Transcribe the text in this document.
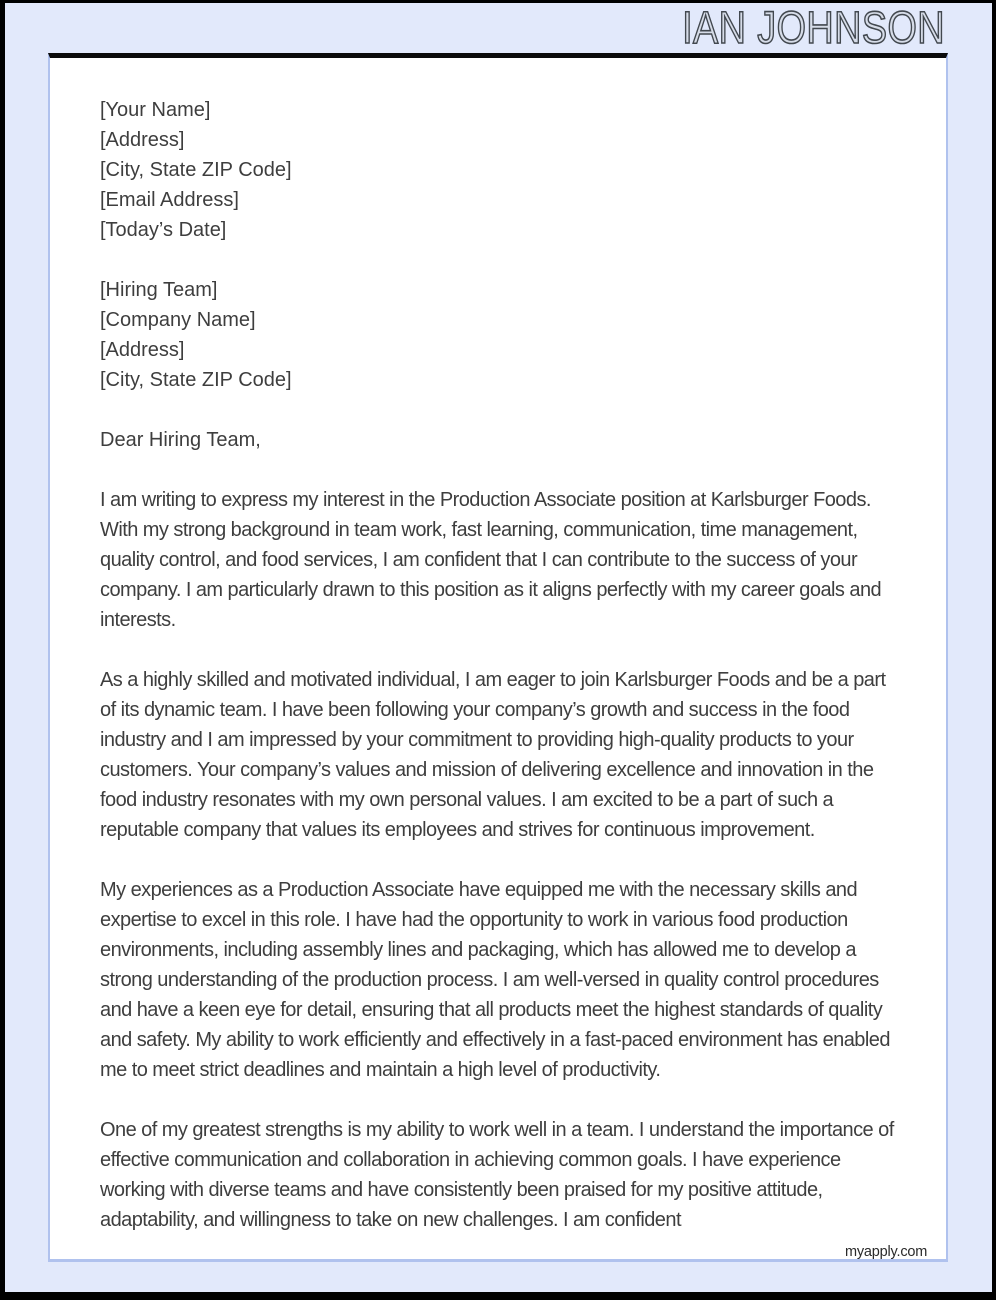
IAN JOHNSON
[Your Name]
[Address]
[City, State ZIP Code]
[Email Address]
[Today’s Date]
[Hiring Team]
[Company Name]
[Address]
[City, State ZIP Code]
Dear Hiring Team,

I am writing to express my interest in the Production Associate position at Karlsburger Foods. With my strong background in team work, fast learning, communication, time management, quality control, and food services, I am confident that I can contribute to the success of your company. I am particularly drawn to this position as it aligns perfectly with my career goals and interests.

As a highly skilled and motivated individual, I am eager to join Karlsburger Foods and be a part of its dynamic team. I have been following your company’s growth and success in the food industry and I am impressed by your commitment to providing high-quality products to your customers. Your company’s values and mission of delivering excellence and innovation in the food industry resonates with my own personal values. I am excited to be a part of such a reputable company that values its employees and strives for continuous improvement.

My experiences as a Production Associate have equipped me with the necessary skills and expertise to excel in this role. I have had the opportunity to work in various food production environments, including assembly lines and packaging, which has allowed me to develop a strong understanding of the production process. I am well-versed in quality control procedures and have a keen eye for detail, ensuring that all products meet the highest standards of quality and safety. My ability to work efficiently and effectively in a fast-paced environment has enabled me to meet strict deadlines and maintain a high level of productivity.

One of my greatest strengths is my ability to work well in a team. I understand the importance of effective communication and collaboration in achieving common goals. I have experience working with diverse teams and have consistently been praised for my positive attitude, adaptability, and willingness to take on new challenges. I am confident

myapply.com
